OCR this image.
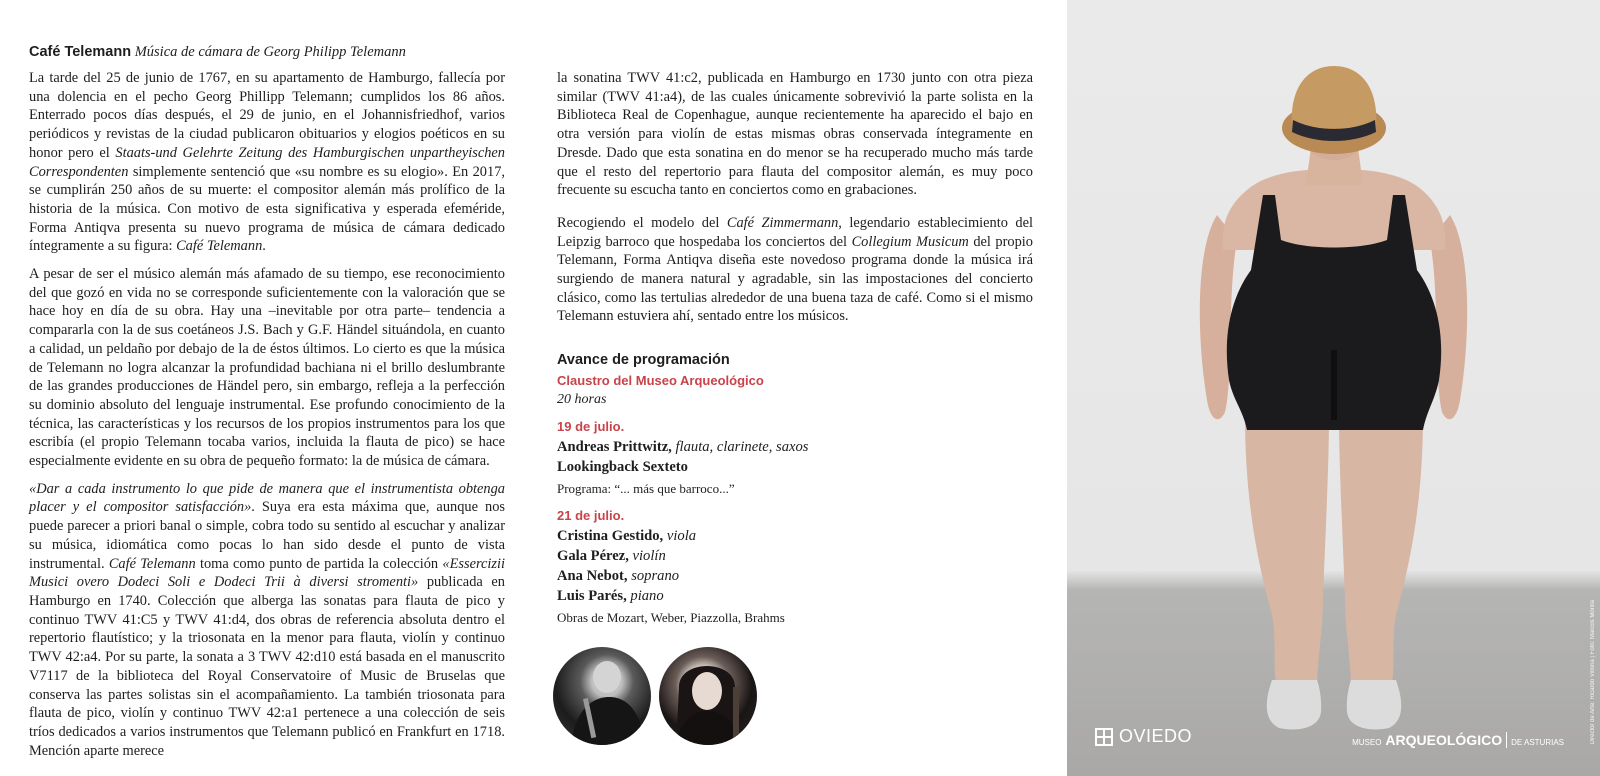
Café Telemann Música de cámara de Georg Philipp Telemann

La tarde del 25 de junio de 1767, en su apartamento de Hamburgo, fallecía por una dolencia en el pecho Georg Phillipp Telemann; cumplidos los 86 años. Enterrado pocos días después, el 29 de junio, en el Johannisfriedhof, varios periódicos y revistas de la ciudad publicaron obituarios y elogios poéticos en su honor pero el Staats-und Gelehrte Zeitung des Hamburgischen unpartheyischen Correspondenten simplemente sentenció que «su nombre es su elogio». En 2017, se cumplirán 250 años de su muerte: el compositor alemán más prolífico de la historia de la música. Con motivo de esta significativa y esperada efeméride, Forma Antiqva presenta su nuevo programa de música de cámara dedicado íntegramente a su figura: Café Telemann.

A pesar de ser el músico alemán más afamado de su tiempo, ese reconocimiento del que gozó en vida no se corresponde suficientemente con la valoración que se hace hoy en día de su obra. Hay una –inevitable por otra parte– tendencia a compararla con la de sus coetáneos J.S. Bach y G.F. Händel situándola, en cuanto a calidad, un peldaño por debajo de la de éstos últimos. Lo cierto es que la música de Telemann no logra alcanzar la profundidad bachiana ni el brillo deslumbrante de las grandes producciones de Händel pero, sin embargo, refleja a la perfección su dominio absoluto del lenguaje instrumental. Ese profundo conocimiento de la técnica, las características y los recursos de los propios instrumentos para los que escribía (el propio Telemann tocaba varios, incluida la flauta de pico) se hace especialmente evidente en su obra de pequeño formato: la de música de cámara.

«Dar a cada instrumento lo que pide de manera que el instrumentista obtenga placer y el compositor satisfacción». Suya era esta máxima que, aunque nos puede parecer a priori banal o simple, cobra todo su sentido al escuchar y analizar su música, idiomática como pocas lo han sido desde el punto de vista instrumental. Café Telemann toma como punto de partida la colección «Essercizii Musici overo Dodeci Soli e Dodeci Trii à diversi stromenti» publicada en Hamburgo en 1740. Colección que alberga las sonatas para flauta de pico y continuo TWV 41:C5 y TWV 41:d4, dos obras de referencia absoluta dentro el repertorio flautístico; y la triosonata en la menor para flauta, violín y continuo TWV 42:a4. Por su parte, la sonata a 3 TWV 42:d10 está basada en el manuscrito V7117 de la biblioteca del Royal Conservatoire of Music de Bruselas que conserva las partes solistas sin el acompañamiento. La también triosonata para flauta de pico, violín y continuo TWV 42:a1 pertenece a una colección de seis tríos dedicados a varios instrumentos que Telemann publicó en Frankfurt en 1718. Mención aparte merece

la sonatina TWV 41:c2, publicada en Hamburgo en 1730 junto con otra pieza similar (TWV 41:a4), de las cuales únicamente sobrevivió la parte solista en la Biblioteca Real de Copenhague, aunque recientemente ha aparecido el bajo en otra versión para violín de estas mismas obras conservada íntegramente en Dresde. Dado que esta sonatina en do menor se ha recuperado mucho más tarde que el resto del repertorio para flauta del compositor alemán, es muy poco frecuente su escucha tanto en conciertos como en grabaciones.

Recogiendo el modelo del Café Zimmermann, legendario establecimiento del Leipzig barroco que hospedaba los conciertos del Collegium Musicum del propio Telemann, Forma Antiqva diseña este novedoso programa donde la música irá surgiendo de manera natural y agradable, sin las impostaciones del concierto clásico, como las tertulias alrededor de una buena taza de café. Como si el mismo Telemann estuviera ahí, sentado entre los músicos.

Avance de programación
Claustro del Museo Arqueológico
20 horas
19 de julio.

Andreas Prittwitz, flauta, clarinete, saxos

Lookingback Sexteto

Programa: “... más que barroco...”
21 de julio.

Cristina Gestido, viola

Gala Pérez, violín

Ana Nebot, soprano

Luis Parés, piano

Obras de Mozart, Weber, Piazzolla, Brahms
OVIEDO	MUSEO ARQUEOLÓGICO	DE ASTURIAS	Director de Arte: Ricardo Villoria | Foto: Marcos Morilla
